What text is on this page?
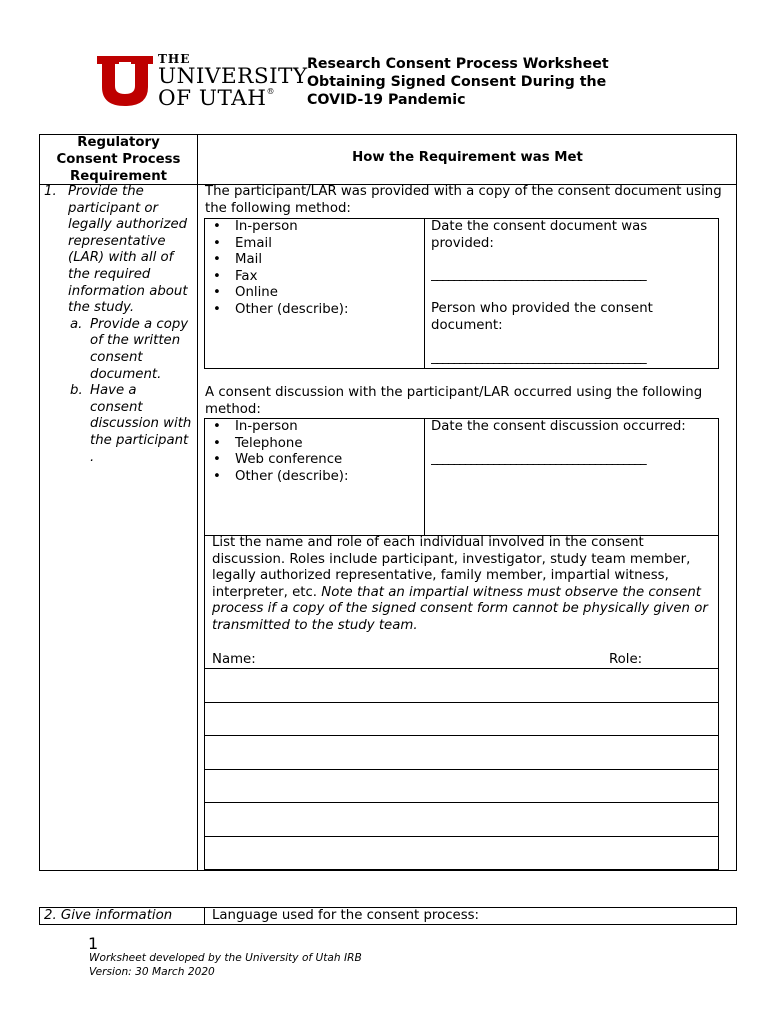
THE
UNIVERSITY
OF UTAH®
Research Consent Process Worksheet
Obtaining Signed Consent During the
COVID-19 Pandemic
Regulatory
Consent Process
Requirement
How the Requirement was Met
1. Provide the participant or legally authorized representative (LAR) with all of the required information about the study.
a. Provide a copy of the written consent document.
b. Have a consent discussion with the participant
.
The participant/LAR was provided with a copy of the consent document using the following method:
• In-person
• Email
• Mail
• Fax
• Online
• Other (describe):
Date the consent document was provided:
______________________________________
Person who provided the consent document:
______________________________________
A consent discussion with the participant/LAR occurred using the following method:
• In-person
• Telephone
• Web conference
• Other (describe):
Date the consent discussion occurred:
______________________________________
List the name and role of each individual involved in the consent discussion. Roles include participant, investigator, study team member, legally authorized representative, family member, impartial witness, interpreter, etc. Note that an impartial witness must observe the consent process if a copy of the signed consent form cannot be physically given or transmitted to the study team.
Name:	Role:
2. Give information	Language used for the consent process:
1
Worksheet developed by the University of Utah IRB
Version: 30 March 2020
